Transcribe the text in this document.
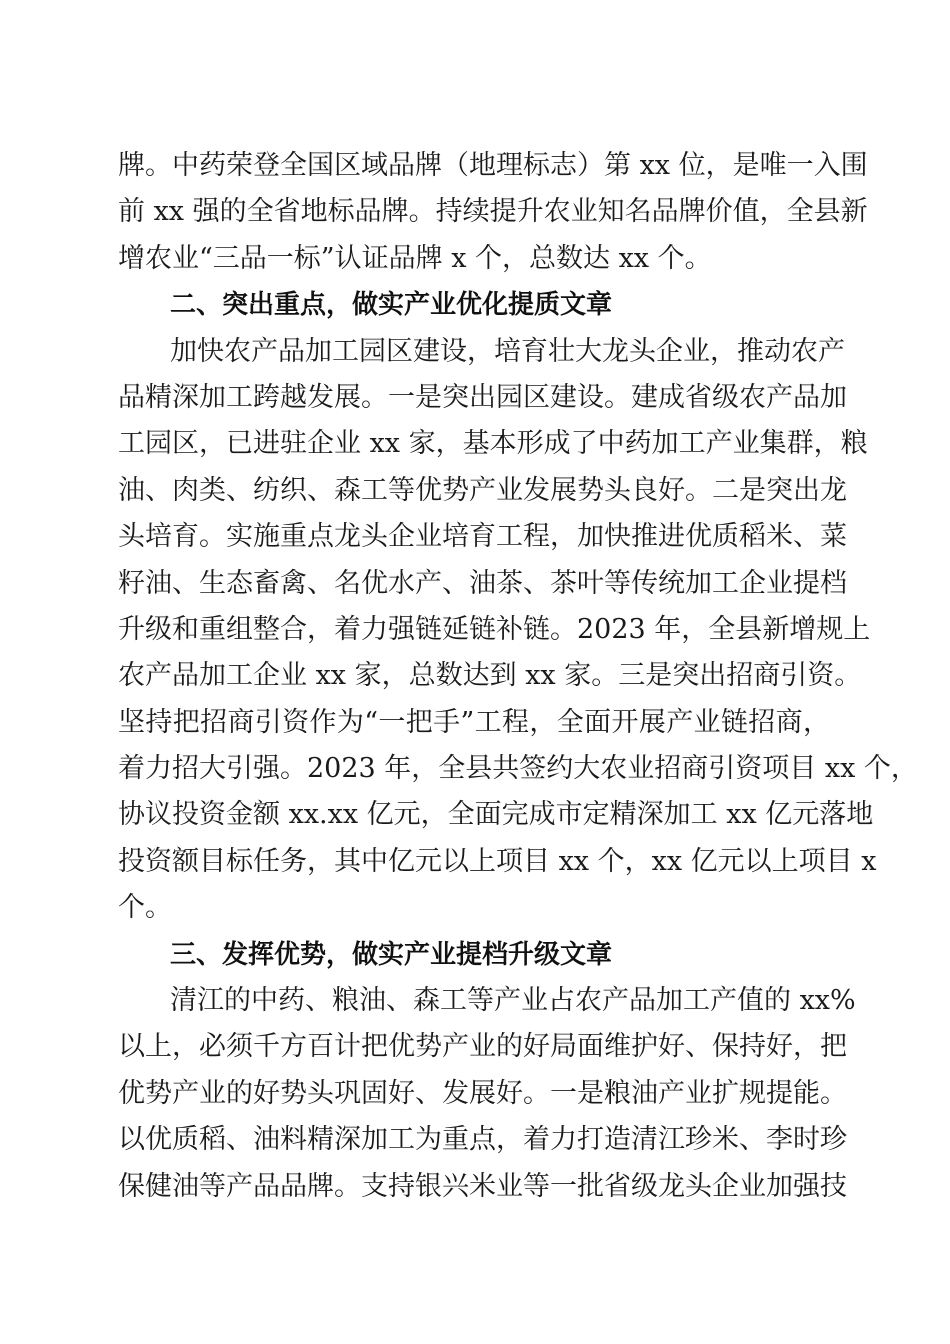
牌。中药荣登全国区域品牌（地理标志）第 xx 位，是唯一入围
前 xx 强的全省地标品牌。持续提升农业知名品牌价值，全县新
增农业“三品一标”认证品牌 x 个，总数达 xx 个。
二、突出重点，做实产业优化提质文章
加快农产品加工园区建设，培育壮大龙头企业，推动农产
品精深加工跨越发展。一是突出园区建设。建成省级农产品加
工园区，已进驻企业 xx 家，基本形成了中药加工产业集群，粮
油、肉类、纺织、森工等优势产业发展势头良好。二是突出龙
头培育。实施重点龙头企业培育工程，加快推进优质稻米、菜
籽油、生态畜禽、名优水产、油茶、茶叶等传统加工企业提档
升级和重组整合，着力强链延链补链。2023 年，全县新增规上
农产品加工企业 xx 家，总数达到 xx 家。三是突出招商引资。
坚持把招商引资作为“一把手”工程，全面开展产业链招商，
着力招大引强。2023 年，全县共签约大农业招商引资项目 xx 个，
协议投资金额 xx.xx 亿元，全面完成市定精深加工 xx 亿元落地
投资额目标任务，其中亿元以上项目 xx 个，xx 亿元以上项目 x
个。
三、发挥优势，做实产业提档升级文章
清江的中药、粮油、森工等产业占农产品加工产值的 xx%
以上，必须千方百计把优势产业的好局面维护好、保持好，把
优势产业的好势头巩固好、发展好。一是粮油产业扩规提能。
以优质稻、油料精深加工为重点，着力打造清江珍米、李时珍
保健油等产品品牌。支持银兴米业等一批省级龙头企业加强技
